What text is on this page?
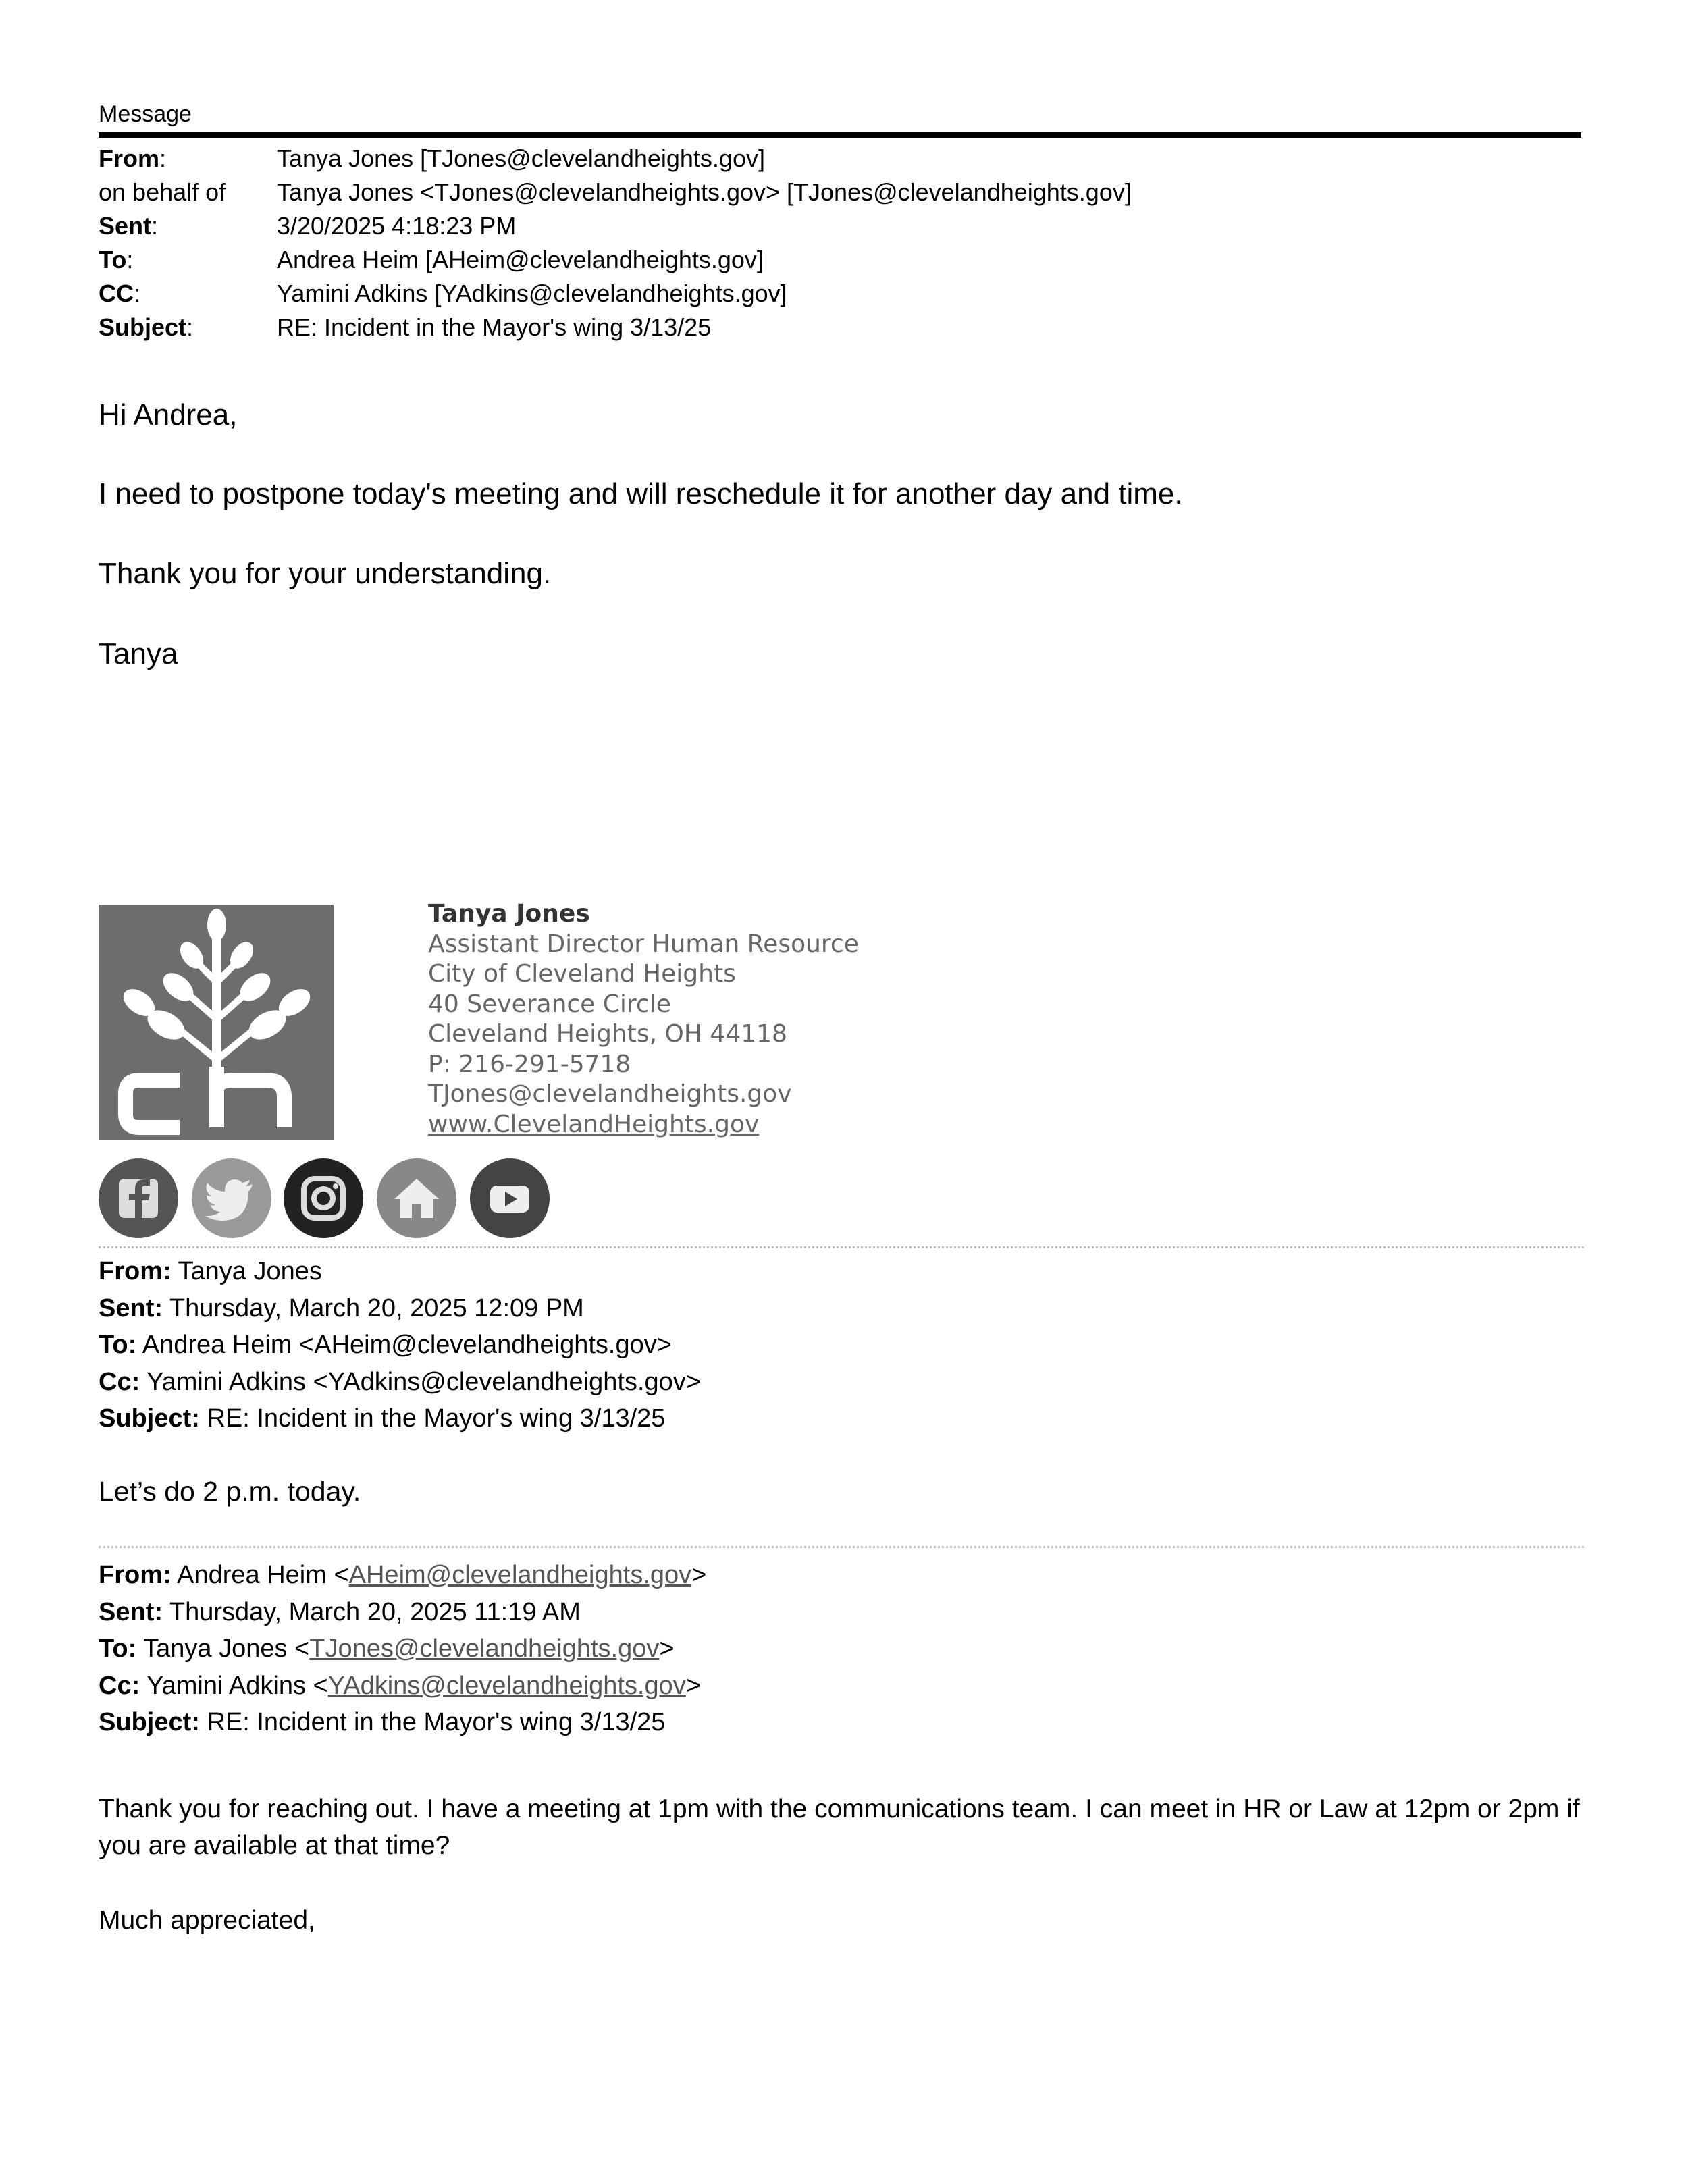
Message
From:	Tanya Jones [TJones@clevelandheights.gov]
on behalf of Tanya Jones <TJones@clevelandheights.gov> [TJones@clevelandheights.gov]
Sent:	3/20/2025 4:18:23 PM
To:	Andrea Heim [AHeim@clevelandheights.gov]
CC:	Yamini Adkins [YAdkins@clevelandheights.gov]
Subject:	RE: Incident in the Mayor's wing 3/13/25
Hi Andrea,
I need to postpone today's meeting and will reschedule it for another day and time.
Thank you for your understanding.
Tanya
Tanya Jones
Assistant Director Human Resource
City of Cleveland Heights
40 Severance Circle
Cleveland Heights, OH 44118
P: 216-291-5718
TJones@clevelandheights.gov
www.ClevelandHeights.gov
From: Tanya Jones
Sent: Thursday, March 20, 2025 12:09 PM
To: Andrea Heim <AHeim@clevelandheights.gov>
Cc: Yamini Adkins <YAdkins@clevelandheights.gov>
Subject: RE: Incident in the Mayor's wing 3/13/25
Let’s do 2 p.m. today.
From: Andrea Heim <AHeim@clevelandheights.gov>
Sent: Thursday, March 20, 2025 11:19 AM
To: Tanya Jones <TJones@clevelandheights.gov>
Cc: Yamini Adkins <YAdkins@clevelandheights.gov>
Subject: RE: Incident in the Mayor's wing 3/13/25
Thank you for reaching out. I have a meeting at 1pm with the communications team. I can meet in HR or Law at 12pm or 2pm if you are available at that time?
Much appreciated,
